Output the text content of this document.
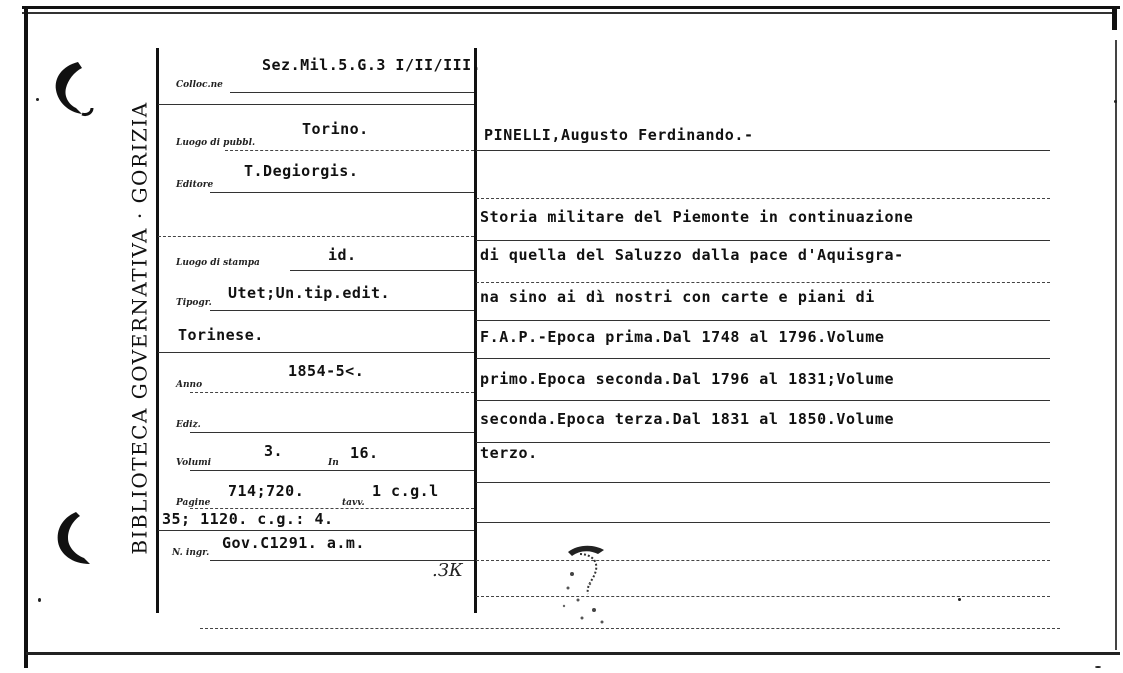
BIBLIOTECA GOVERNATIVA · GORIZIA
Colloc.ne
Sez.Mil.5.G.3 I/II/III.
Luogo di pubbl.
Torino.
Editore
T.Degiorgis.
Luogo di stampa	id.
Tipogr.
Utet;Un.tip.edit.
Torinese.
Anno
1854-5<.
Ediz.
Volumi
3.
In
16.
Pagine
714;720.
tavv.
1 c.g.l
35; 1120. c.g.: 4.
N. ingr.
Gov.C1291. a.m.
.ЗК
PINELLI,Augusto Ferdinando.-
Storia militare del Piemonte in continuazione
di quella del Saluzzo dalla pace d'Aquisgra-
na sino ai dì nostri con carte e piani di
F.A.P.-Epoca prima.Dal 1748 al 1796.Volume
primo.Epoca seconda.Dal 1796 al 1831;Volume
seconda.Epoca terza.Dal 1831 al 1850.Volume
terzo.
